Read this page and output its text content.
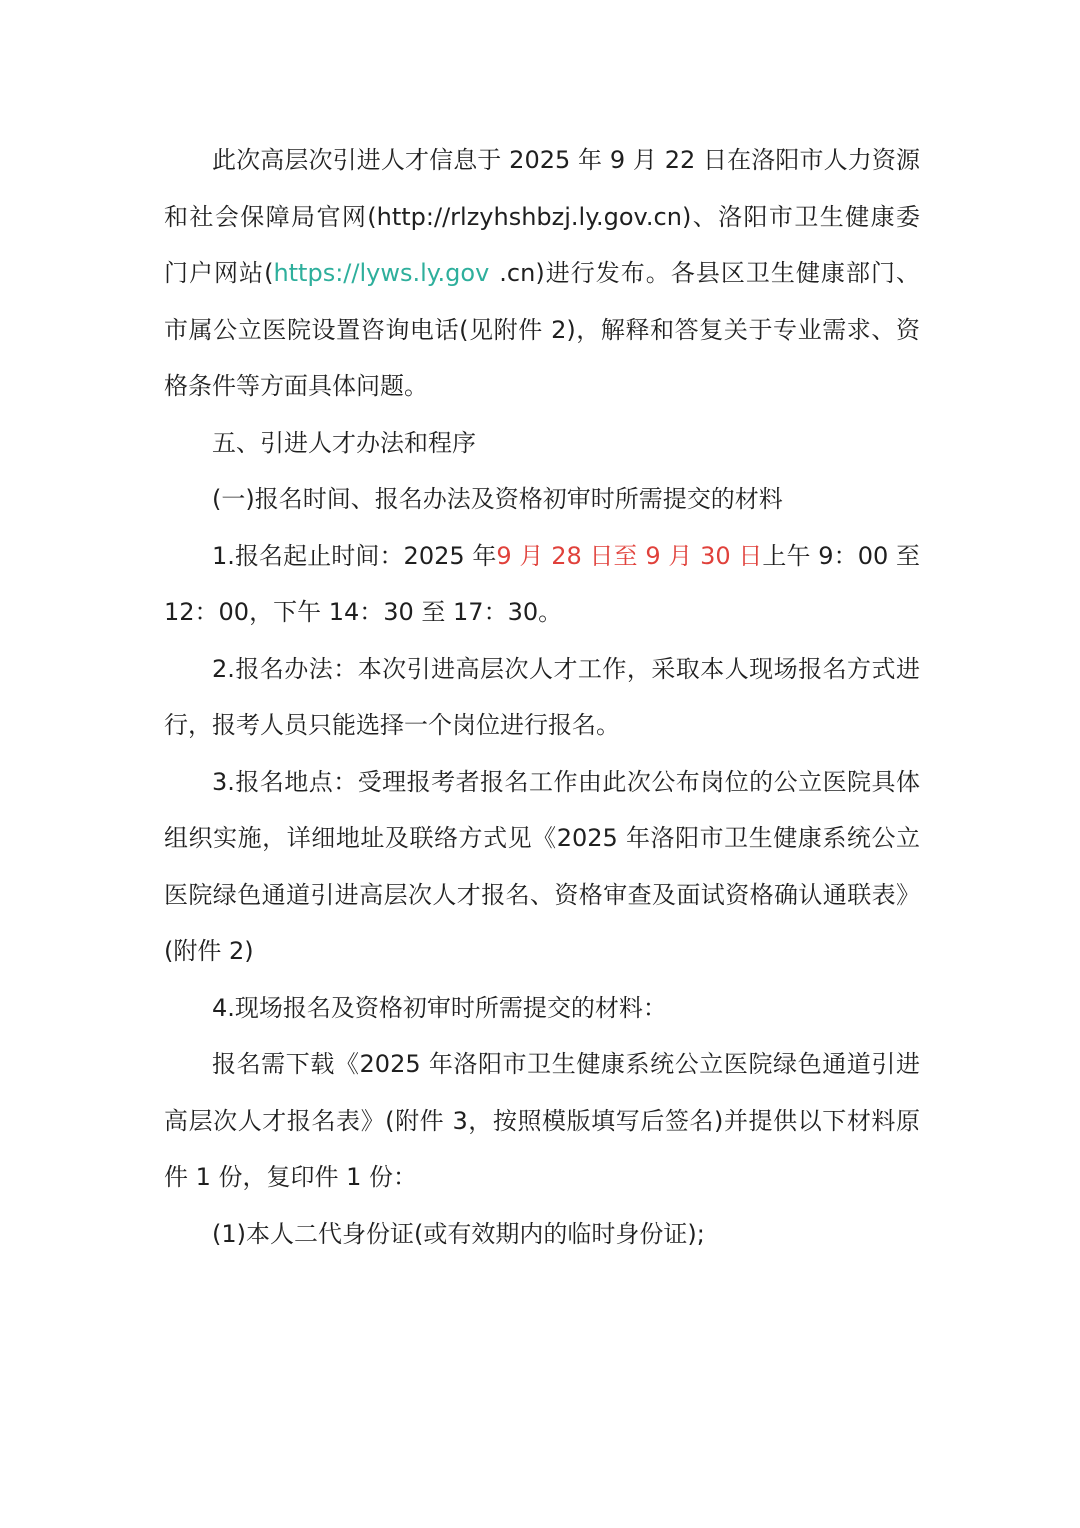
此次高层次引进人才信息于 2025 年 9 月 22 日在洛阳市人力资源和社会保障局官网(http://rlzyhshbzj.ly.gov.cn)、洛阳市卫生健康委门户网站(https://lyws.ly.gov .cn)进行发布。各县区卫生健康部门、市属公立医院设置咨询电话(见附件 2)，解释和答复关于专业需求、资格条件等方面具体问题。

五、引进人才办法和程序

(一)报名时间、报名办法及资格初审时所需提交的材料

1.报名起止时间：2025 年9 月 28 日至 9 月 30 日上午 9：00 至 12：00，下午 14：30 至 17：30。

2.报名办法：本次引进高层次人才工作，采取本人现场报名方式进行，报考人员只能选择一个岗位进行报名。

3.报名地点：受理报考者报名工作由此次公布岗位的公立医院具体组织实施，详细地址及联络方式见《2025 年洛阳市卫生健康系统公立医院绿色通道引进高层次人才报名、资格审查及面试资格确认通联表》(附件 2)

4.现场报名及资格初审时所需提交的材料：

报名需下载《2025 年洛阳市卫生健康系统公立医院绿色通道引进高层次人才报名表》(附件 3，按照模版填写后签名)并提供以下材料原件 1 份，复印件 1 份：

(1)本人二代身份证(或有效期内的临时身份证);
